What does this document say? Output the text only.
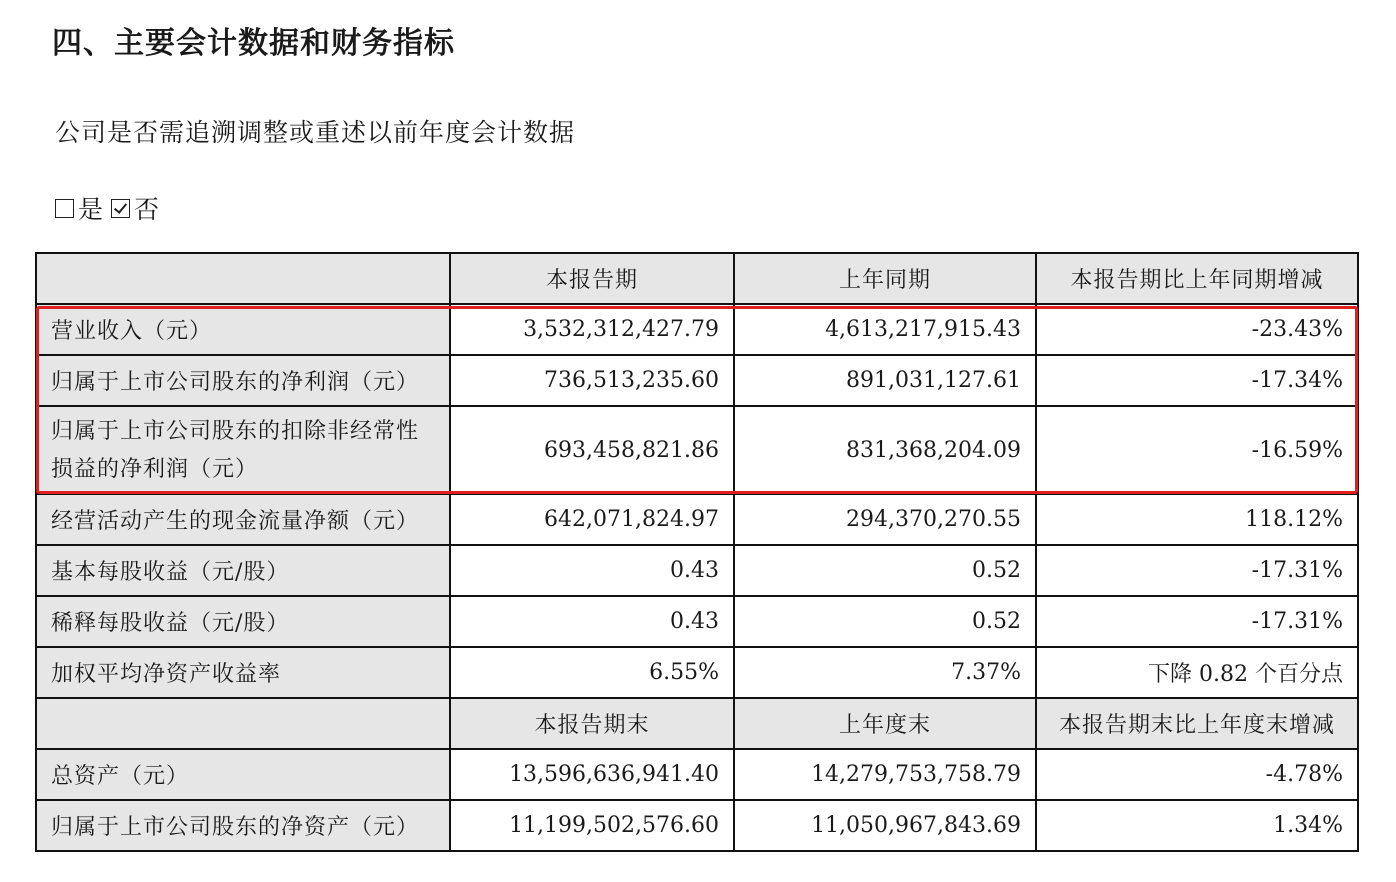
四、主要会计数据和财务指标
公司是否需追溯调整或重述以前年度会计数据
是 否
	本报告期	上年同期	本报告期比上年同期增减
营业收入（元）	3,532,312,427.79	4,613,217,915.43	-23.43%
归属于上市公司股东的净利润（元）	736,513,235.60	891,031,127.61	-17.34%
归属于上市公司股东的扣除非经常性损益的净利润（元）	693,458,821.86	831,368,204.09	-16.59%
经营活动产生的现金流量净额（元）	642,071,824.97	294,370,270.55	118.12%
基本每股收益（元/股）	0.43	0.52	-17.31%
稀释每股收益（元/股）	0.43	0.52	-17.31%
加权平均净资产收益率	6.55%	7.37%	下降 0.82 个百分点
	本报告期末	上年度末	本报告期末比上年度末增减
总资产（元）	13,596,636,941.40	14,279,753,758.79	-4.78%
归属于上市公司股东的净资产（元）	11,199,502,576.60	11,050,967,843.69	1.34%
